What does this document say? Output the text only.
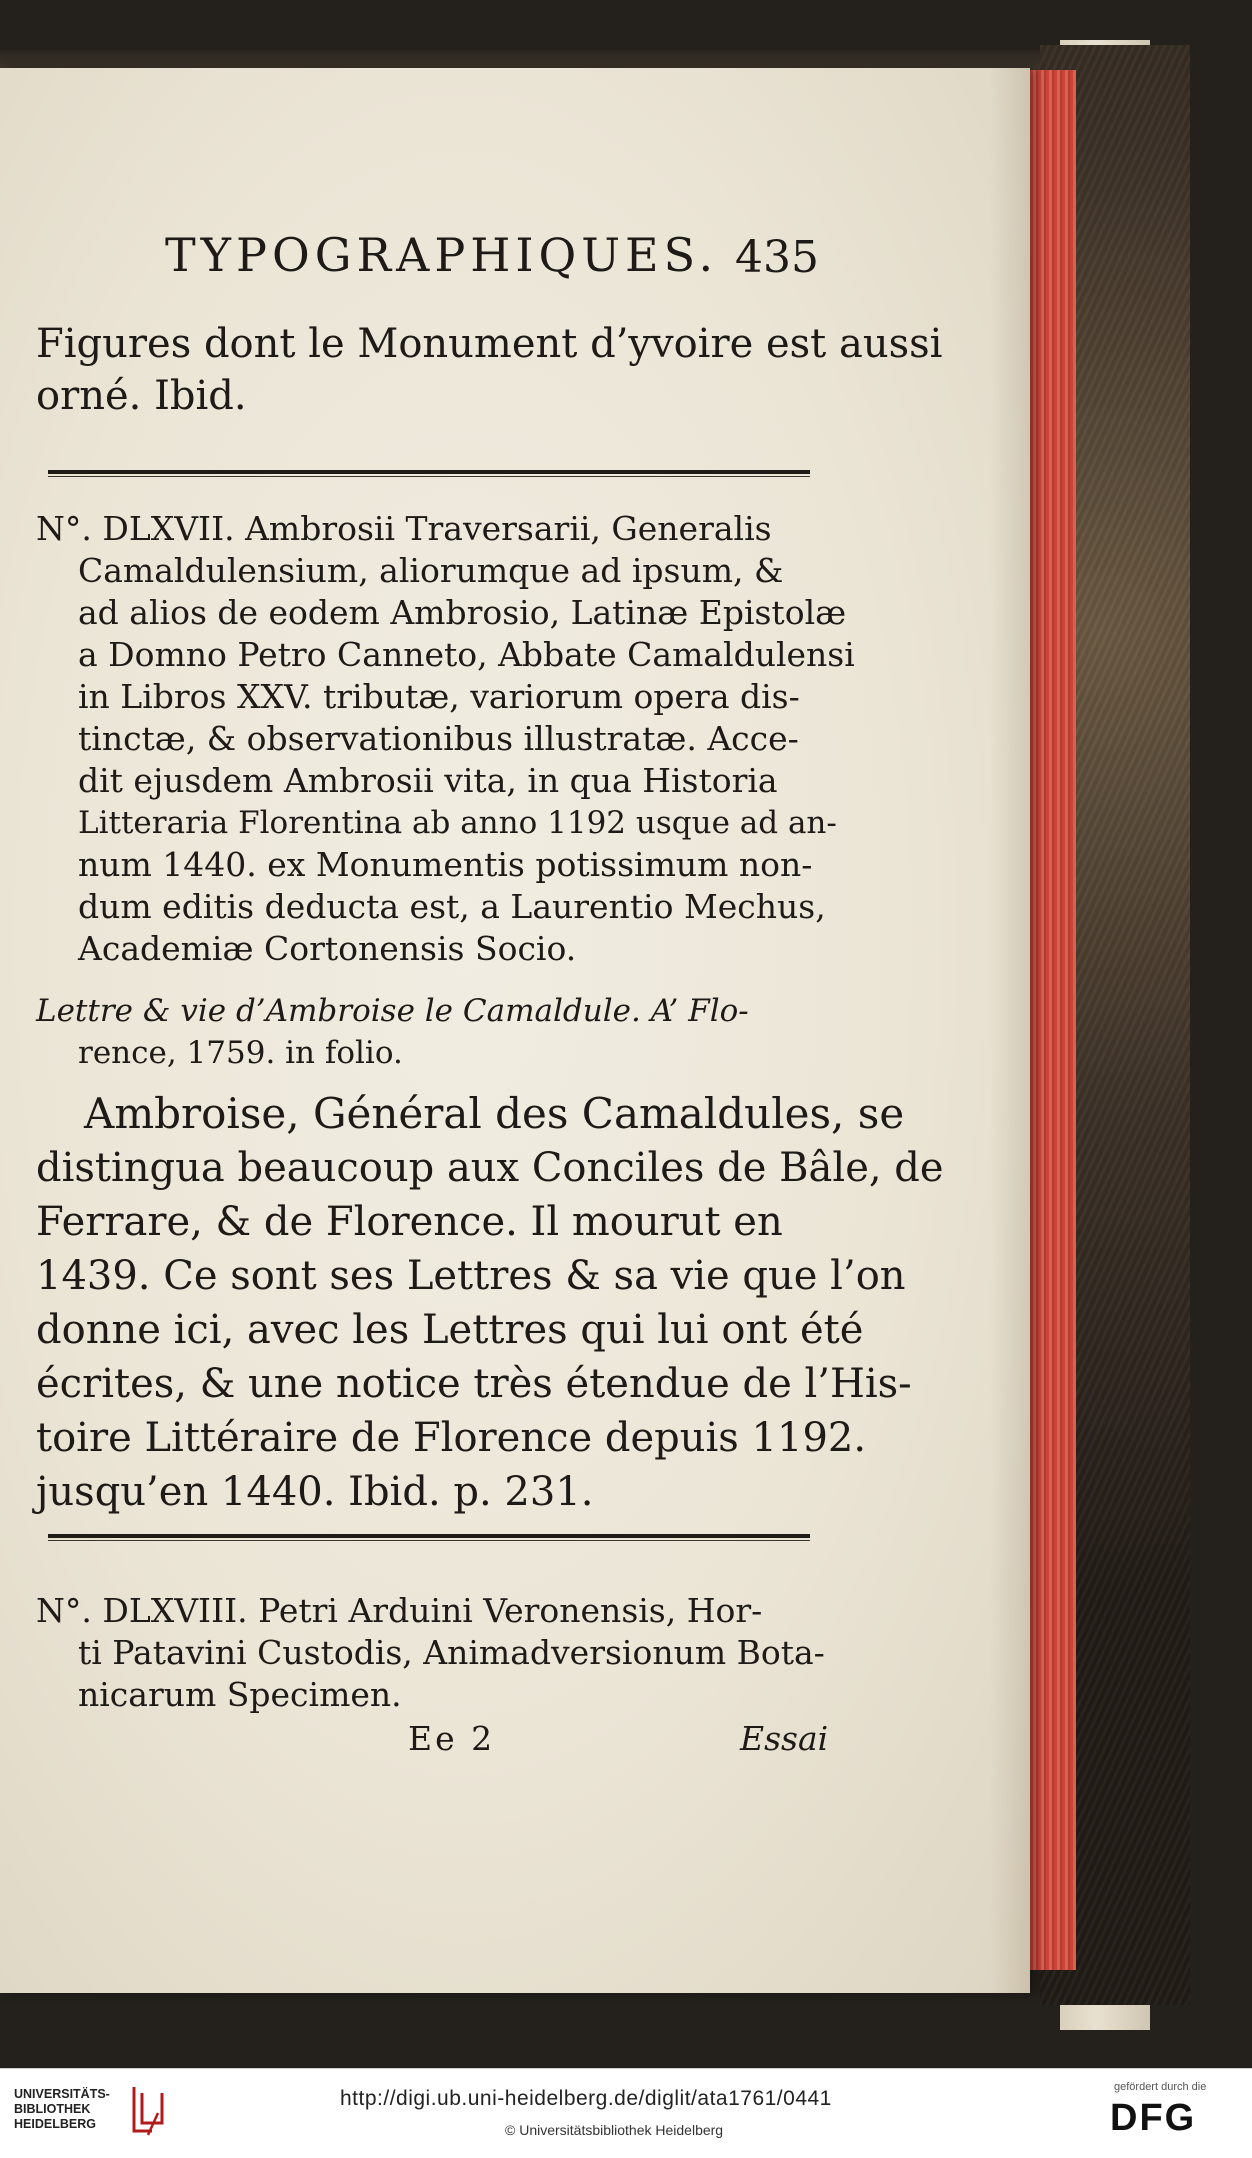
TYPOGRAPHIQUES. 435
Figures dont le Monument d’yvoire est aussi
orné. Ibid.
N°. DLXVII. Ambrosii Traversarii, Generalis
Camaldulensium, aliorumque ad ipsum, &
ad alios de eodem Ambrosio, Latinæ Epistolæ
a Domno Petro Canneto, Abbate Camaldulensi
in Libros XXV. tributæ, variorum opera dis-
tinctæ, & observationibus illustratæ. Acce-
dit ejusdem Ambrosii vita, in qua Historia
Litteraria Florentina ab anno 1192 usque ad an-
num 1440. ex Monumentis potissimum non-
dum editis deducta est, a Laurentio Mechus,
Academiæ Cortonensis Socio.
Lettre & vie d’Ambroise le Camaldule. A’ Flo-
rence, 1759. in folio.
Ambroise, Général des Camaldules, se
distingua beaucoup aux Conciles de Bâle, de
Ferrare, & de Florence. Il mourut en
1439. Ce sont ses Lettres & sa vie que l’on
donne ici, avec les Lettres qui lui ont été
écrites, & une notice très étendue de l’His-
toire Littéraire de Florence depuis 1192.
jusqu’en 1440. Ibid. p. 231.
N°. DLXVIII. Petri Arduini Veronensis, Hor-
ti Patavini Custodis, Animadversionum Bota-
nicarum Specimen.
Ee 2	Essai
UNIVERSITÄTS-
BIBLIOTHEK
HEIDELBERG
http://digi.ub.uni-heidelberg.de/diglit/ata1761/0441
© Universitätsbibliothek Heidelberg
gefördert durch die
DFG
